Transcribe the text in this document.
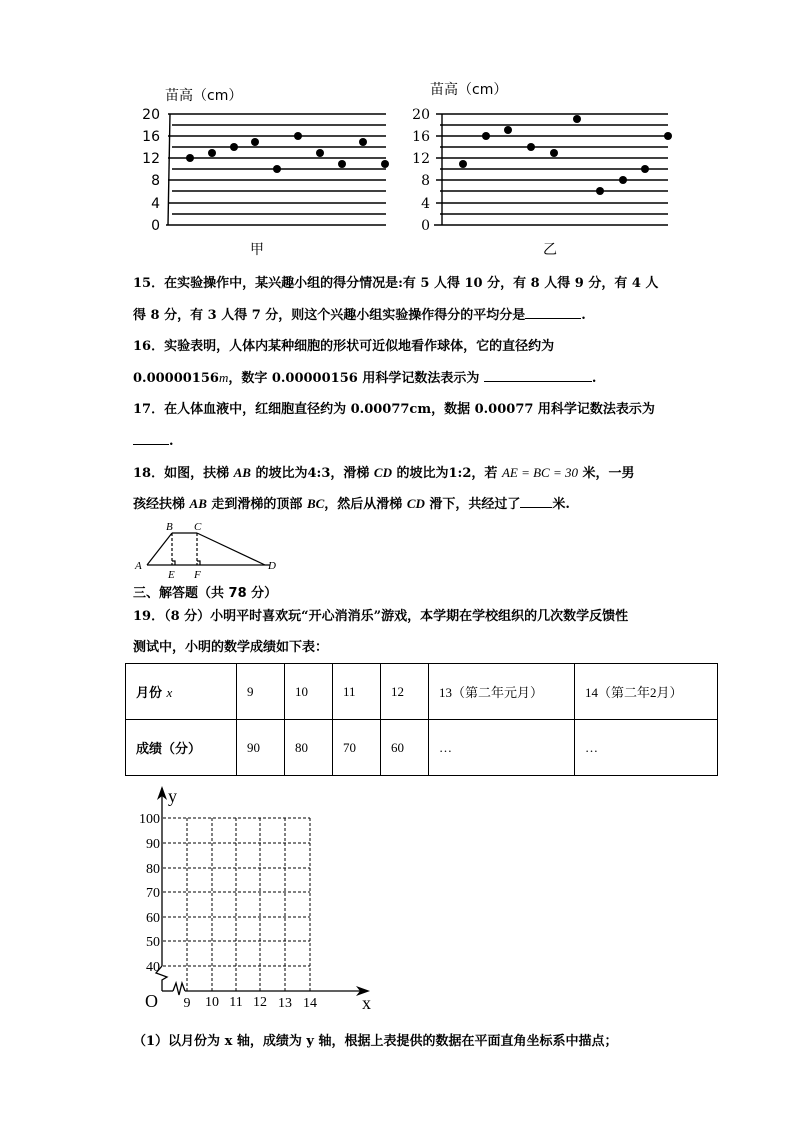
苗高（cm）
20
16
12
8
4
0
甲
苗高（cm）
20
16
12
8
4
0
乙
15．在实验操作中，某兴趣小组的得分情况是:有 5 人得 10 分，有 8 人得 9 分，有 4 人
得 8 分，有 3 人得 7 分，则这个兴趣小组实验操作得分的平均分是	.
16．实验表明，人体内某种细胞的形状可近似地看作球体，它的直径约为
0.00000156m，数字 0.00000156 用科学记数法表示为	.
17．在人体血液中，红细胞直径约为 0.00077cm，数据 0.00077 用科学记数法表示为
.
18．如图，扶梯 AB 的坡比为4:3，滑梯 CD 的坡比为1:2，若 AE = BC = 30 米，一男
孩经扶梯 AB 走到滑梯的顶部 BC，然后从滑梯 CD 滑下，共经过了 米.
B C
A	D
E F
三、解答题（共 78 分）
19．（8 分）小明平时喜欢玩“开心消消乐”游戏，本学期在学校组织的几次数学反馈性
测试中，小明的数学成绩如下表：
月份 x	9	10	11	12	13（第二年元月）	14（第二年2月）
成绩（分）	90	80	70	60	…	…
y
x
O
100
90
80
70
60
50
40
9 10 11 12 13 14
（1）以月份为 x 轴，成绩为 y 轴，根据上表提供的数据在平面直角坐标系中描点；
